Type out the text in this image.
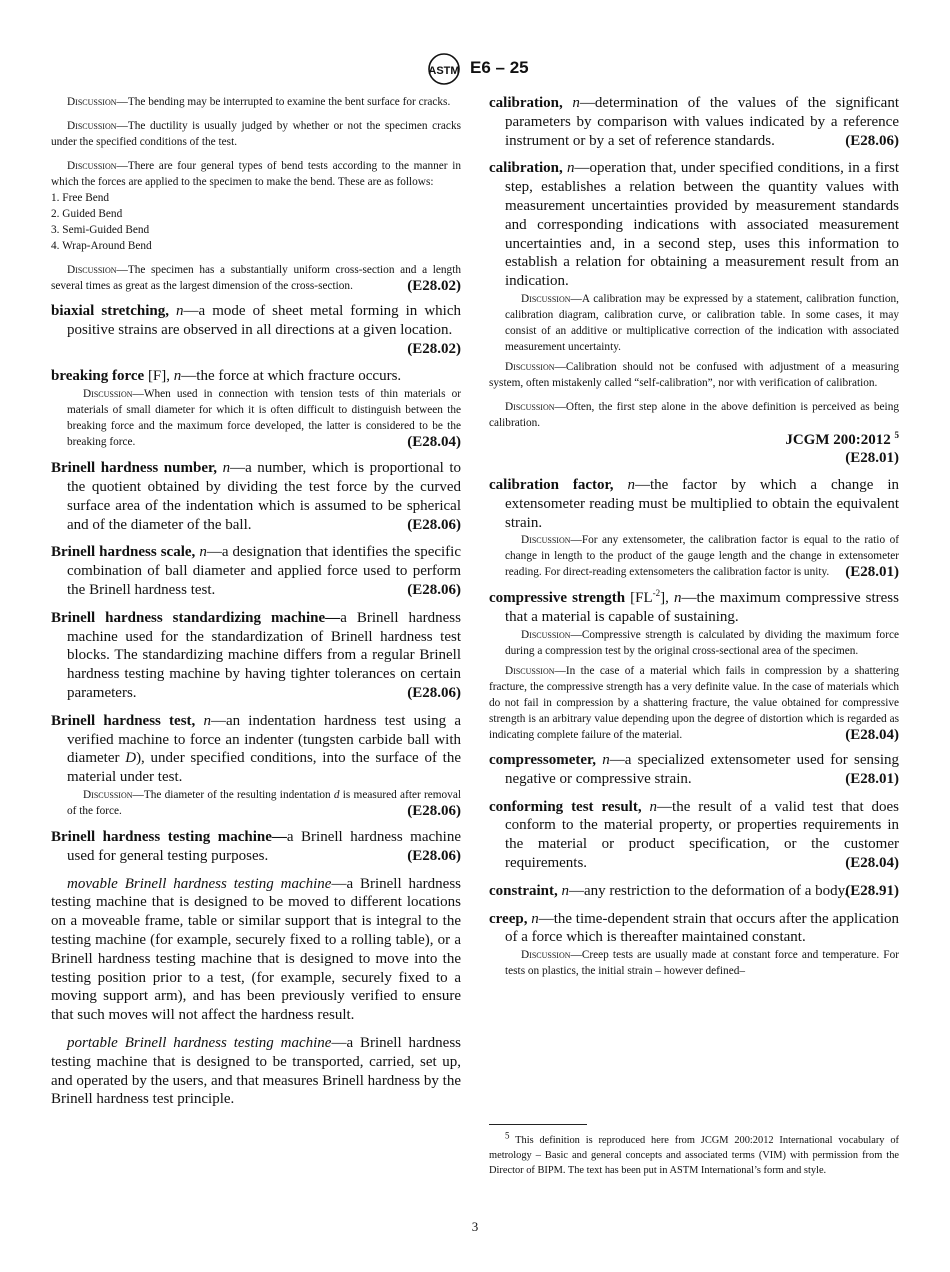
ASTM E6 – 25

Discussion—The bending may be interrupted to examine the bent surface for cracks.

Discussion—The ductility is usually judged by whether or not the specimen cracks under the specified conditions of the test.

Discussion—There are four general types of bend tests according to the manner in which the forces are applied to the specimen to make the bend. These are as follows:

1. Free Bend
2. Guided Bend
3. Semi-Guided Bend
4. Wrap-Around Bend

Discussion—The specimen has a substantially uniform cross-section and a length several times as great as the largest dimension of the cross-section.	(E28.02)

biaxial stretching, n—a mode of sheet metal forming in which positive strains are observed in all directions at a given location.
(E28.02)
breaking force [F], n—the force at which fracture occurs.
Discussion—When used in connection with tension tests of thin materials or materials of small diameter for which it is often difficult to distinguish between the breaking force and the maximum force developed, the latter is considered to be the breaking force.	(E28.04)
Brinell hardness number, n—a number, which is proportional to the quotient obtained by dividing the test force by the curved surface area of the indentation which is assumed to be spherical and of the diameter of the ball.	(E28.06)
Brinell hardness scale, n—a designation that identifies the specific combination of ball diameter and applied force used to perform the Brinell hardness test.	(E28.06)
Brinell hardness standardizing machine—a Brinell hardness machine used for the standardization of Brinell hardness test blocks. The standardizing machine differs from a regular Brinell hardness testing machine by having tighter tolerances on certain parameters.	(E28.06)
Brinell hardness test, n—an indentation hardness test using a verified machine to force an indenter (tungsten carbide ball with diameter D), under specified conditions, into the surface of the material under test.
Discussion—The diameter of the resulting indentation d is measured after removal of the force.	(E28.06)
Brinell hardness testing machine—a Brinell hardness machine used for general testing purposes.	(E28.06)

movable Brinell hardness testing machine—a Brinell hardness testing machine that is designed to be moved to different locations on a moveable frame, table or similar support that is integral to the testing machine (for example, securely fixed to a rolling table), or a Brinell hardness testing machine that is designed to move into the testing position prior to a test, (for example, securely fixed to a moving support arm), and has been previously verified to ensure that such moves will not affect the hardness result.

portable Brinell hardness testing machine—a Brinell hardness testing machine that is designed to be transported, carried, set up, and operated by the users, and that measures Brinell hardness by the Brinell hardness test principle.

calibration, n—determination of the values of the significant parameters by comparison with values indicated by a reference instrument or by a set of reference standards.	(E28.06)
calibration, n—operation that, under specified conditions, in a first step, establishes a relation between the quantity values with measurement uncertainties provided by measurement standards and corresponding indications with associated measurement uncertainties and, in a second step, uses this information to establish a relation for obtaining a measurement result from an indication.
Discussion—A calibration may be expressed by a statement, calibration function, calibration diagram, calibration curve, or calibration table. In some cases, it may consist of an additive or multiplicative correction of the indication with associated measurement uncertainty.

Discussion—Calibration should not be confused with adjustment of a measuring system, often mistakenly called “self-calibration”, nor with verification of calibration.

Discussion—Often, the first step alone in the above definition is perceived as being calibration.

JCGM 200:2012 $^5$
(E28.01)
calibration factor, n—the factor by which a change in extensometer reading must be multiplied to obtain the equivalent strain.
Discussion—For any extensometer, the calibration factor is equal to the ratio of change in length to the product of the gauge length and the change in extensometer reading. For direct-reading extensometers the calibration factor is unity.	(E28.01)
compressive strength $[FL^{-2}]$, n—the maximum compressive stress that a material is capable of sustaining.
Discussion—Compressive strength is calculated by dividing the maximum force during a compression test by the original cross-sectional area of the specimen.

Discussion—In the case of a material which fails in compression by a shattering fracture, the compressive strength has a very definite value. In the case of materials which do not fail in compression by a shattering fracture, the value obtained for compressive strength is an arbitrary value depending upon the degree of distortion which is regarded as indicating complete failure of the material.	(E28.04)

compressometer, n—a specialized extensometer used for sensing negative or compressive strain.	(E28.01)
conforming test result, n—the result of a valid test that does conform to the material property, or properties requirements in the material or product specification, or the customer requirements.	(E28.04)
constraint, n—any restriction to the deformation of a body.
(E28.91)
creep, n—the time-dependent strain that occurs after the application of a force which is thereafter maintained constant.
Discussion—Creep tests are usually made at constant force and temperature. For tests on plastics, the initial strain – however defined–
$^5$ This definition is reproduced here from JCGM 200:2012 International vocabulary of metrology – Basic and general concepts and associated terms (VIM) with permission from the Director of BIPM. The text has been put in ASTM International’s form and style.
3
